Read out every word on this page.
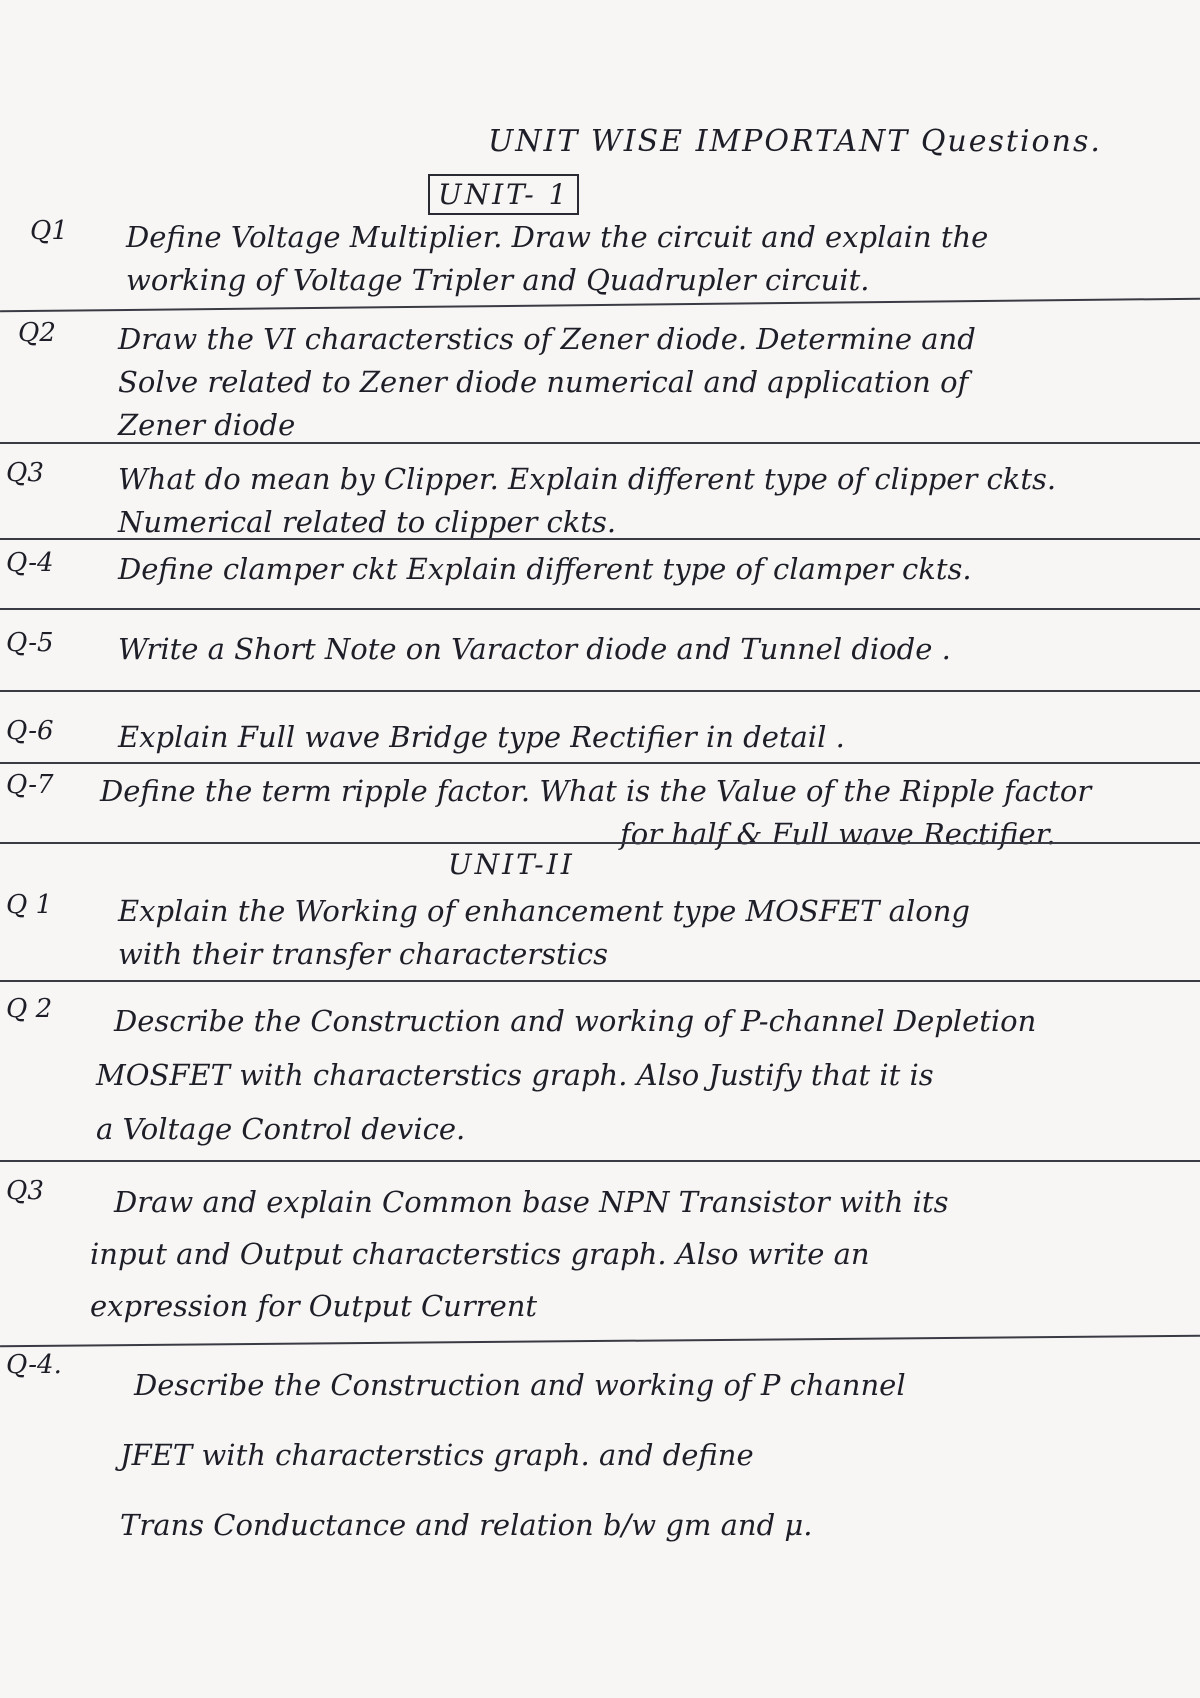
UNIT WISE IMPORTANT Questions.
UNIT- 1
Q1 Define Voltage Multiplier. Draw the circuit and explain the
working of Voltage Tripler and Quadrupler circuit.
Q2 Draw the VI characterstics of Zener diode. Determine and
Solve related to Zener diode numerical and application of
Zener diode
Q3	What do mean by Clipper. Explain different type of clipper ckts.
Numerical related to clipper ckts.
Q-4 Define clamper ckt Explain different type of clamper ckts.
Q-5 Write a Short Note on Varactor diode and Tunnel diode .
Q-6 Explain Full wave Bridge type Rectifier in detail .
Q-7 Define the term ripple factor. What is the Value of the Ripple factor
for half & Full wave Rectifier.
UNIT-II
Q 1 Explain the Working of enhancement type MOSFET along
with their transfer characterstics
Q 2	Describe the Construction and working of P-channel Depletion
MOSFET with characterstics graph. Also Justify that it is
a Voltage Control device.
Q3	Draw and explain Common base NPN Transistor with its
input and Output characterstics graph. Also write an
expression for Output Current
Q-4.
Describe the Construction and working of P channel
JFET with characterstics graph. and define
Trans Conductance and relation b/w gm and μ.
